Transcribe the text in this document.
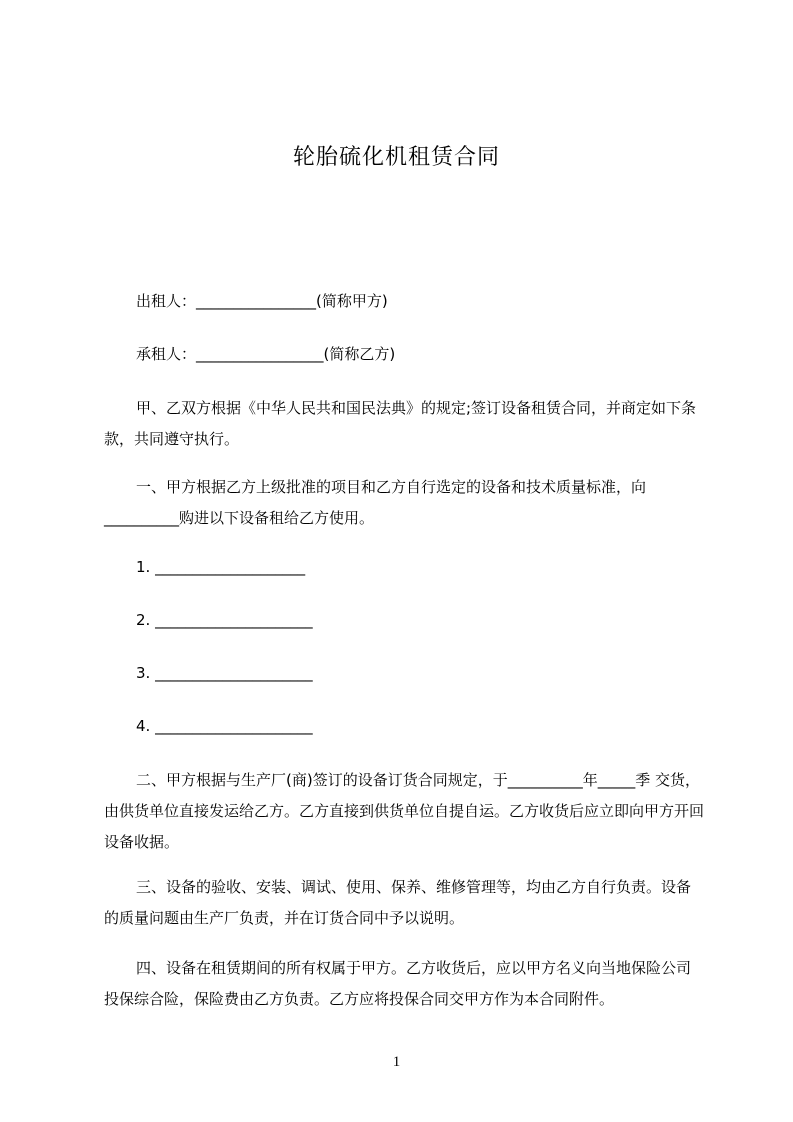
轮胎硫化机租赁合同
出租人：________________(简称甲方)
承租人：_________________(简称乙方)
甲、乙双方根据《中华人民共和国民法典》的规定;签订设备租赁合同，并商定如下条款，共同遵守执行。
一、甲方根据乙方上级批准的项目和乙方自行选定的设备和技术质量标准，向__________购进以下设备租给乙方使用。
1. ____________________
2. _____________________
3. _____________________
4. _____________________
二、甲方根据与生产厂(商)签订的设备订货合同规定，于__________年_____季 交货，由供货单位直接发运给乙方。乙方直接到供货单位自提自运。乙方收货后应立即向甲方开回设备收据。
三、设备的验收、安装、调试、使用、保养、维修管理等，均由乙方自行负责。设备的质量问题由生产厂负责，并在订货合同中予以说明。
四、设备在租赁期间的所有权属于甲方。乙方收货后，应以甲方名义向当地保险公司投保综合险，保险费由乙方负责。乙方应将投保合同交甲方作为本合同附件。
1
